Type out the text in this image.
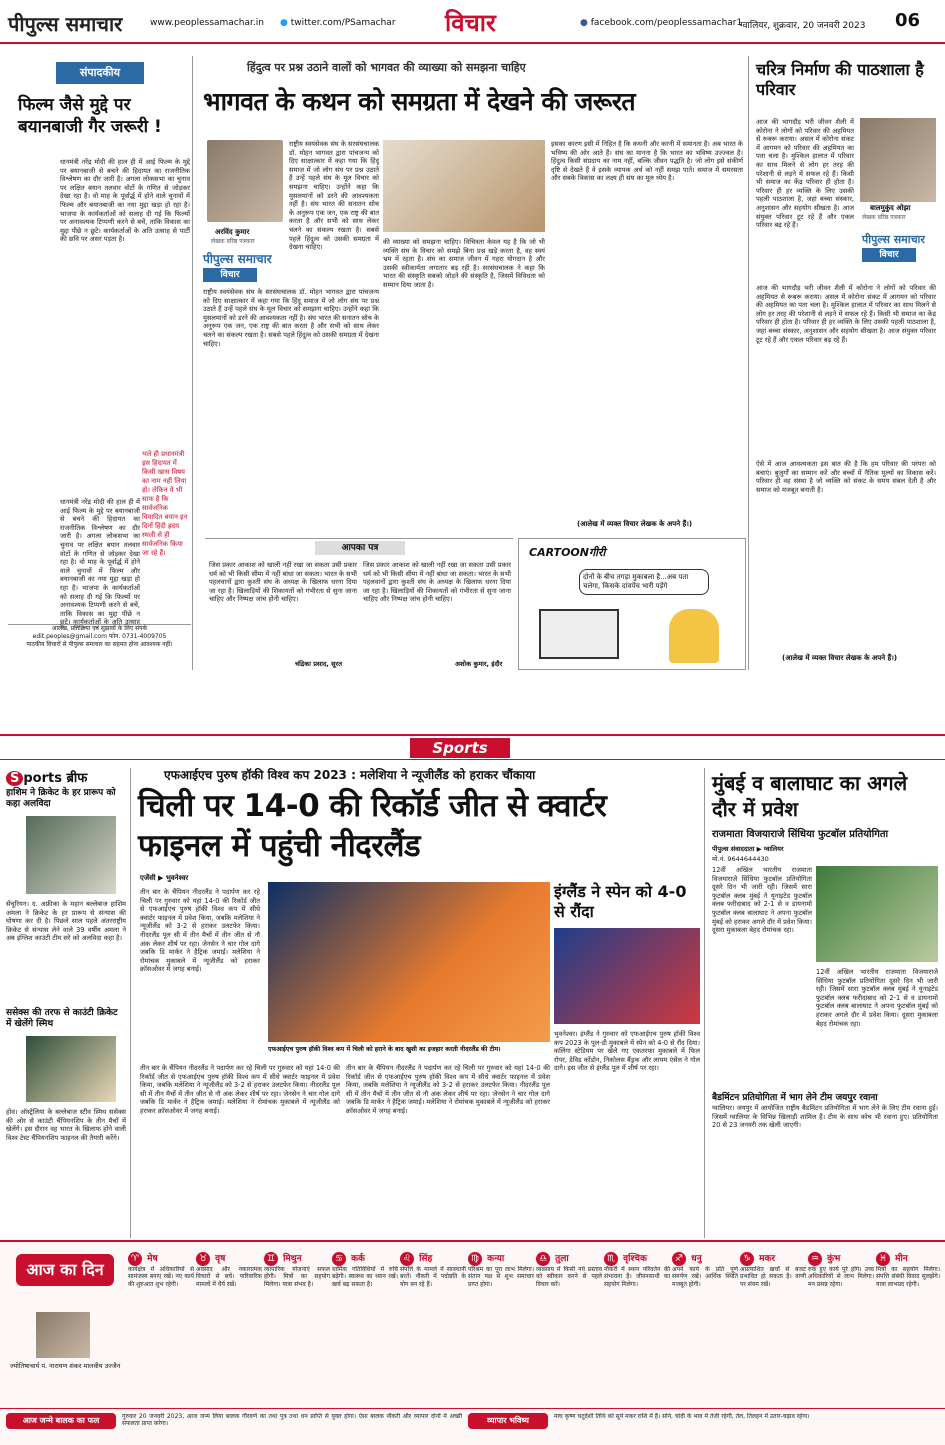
पीपुल्स समाचार	www.peoplessamachar.in ● twitter.com/PSamachar विचार	● facebook.com/peoplessamachar1
ग्वालियर, शुक्रवार, 20 जनवरी 2023 06
संपादकीय
फिल्म जैसे मुद्दे पर बयानबाजी गैर जरूरी !
धानमंत्री नरेंद्र मोदी की हाल ही में आई फिल्म के मुद्दे पर बयानबाजी से बचने की हिदायत का राजनीतिक विश्लेषण का दौर जारी है। अगला लोकसभा का चुनाव पर लक्षित बयान तलवार वोटों के गणित से जोड़कर देखा रहा है। वो माह के पूर्वार्द्ध में होने वाले चुनावों में फिल्म और बयानबाजी का नया मुद्दा खड़ा हो रहा है। भाजपा के कार्यकर्ताओं को सलाह दी गई कि फिल्मों पर अनावश्यक टिप्पणी करने से बचें, ताकि विकास का मुद्दा पीछे न छूटे। कार्यकर्ताओं के अति उत्साह से पार्टी की छवि पर असर पड़ता है।
धानमंत्री नरेंद्र मोदी की हाल ही में आई फिल्म के मुद्दे पर बयानबाजी से बचने की हिदायत का राजनीतिक विश्लेषण का दौर जारी है। अगला लोकसभा का चुनाव पर लक्षित बयान तलवार वोटों के गणित से जोड़कर देखा रहा है। वो माह के पूर्वार्द्ध में होने वाले चुनावों में फिल्म और बयानबाजी का नया मुद्दा खड़ा हो रहा है। भाजपा के कार्यकर्ताओं को सलाह दी गई कि फिल्मों पर अनावश्यक टिप्पणी करने से बचें, ताकि विकास का मुद्दा पीछे न छूटे। कार्यकर्ताओं के अति उत्साह
भले ही प्रधानमंत्री इस हिदायत में किसी खास विषय का नाम नहीं लिया हो। लेकिन ये भी साफ है कि सार्वजनिक विवादित बयान इन दिनों हिंदी ह्रदय स्थली से ही सार्वजनिक किया जा रहे हैं।
आलेख, प्रतिक्रिया एवं सुझावों के लिए संपर्क
edit.peoples@gmail.com फोन. 0731-4009705
पाठकीय विचारों से पीपुल्स समाचार का सहमत होना आवश्यक नहीं।
हिंदुत्व पर प्रश्न उठाने वालों को भागवत की व्याख्या को समझना चाहिए
भागवत के कथन को समग्रता में देखने की जरूरत
अरविंद कुमार
लेखक वरिष्ठ पत्रकार
पीपुल्स समाचार
विचार
राष्ट्रीय स्वयंसेवक संघ के सरसंघचालक डॉ. मोहन भागवत द्वारा पांचजन्य को दिए साक्षात्कार में कहा गया कि हिंदू समाज में जो लोग संघ पर प्रश्न उठाते हैं उन्हें पहले संघ के मूल विचार को समझना चाहिए। उन्होंने कहा कि मुसलमानों को डरने की आवश्यकता नहीं है। संघ भारत की सनातन सोच के अनुरूप एक जन, एक राष्ट्र की बात करता है और सभी को साथ लेकर चलने का संकल्प रखता है। सबसे पहले हिंदुत्व को उसकी समग्रता में देखना चाहिए।
राष्ट्रीय स्वयंसेवक संघ के सरसंघचालक डॉ. मोहन भागवत द्वारा पांचजन्य को दिए साक्षात्कार में कहा गया कि हिंदू समाज में जो लोग संघ पर प्रश्न उठाते हैं उन्हें पहले संघ के मूल विचार को समझना चाहिए। उन्होंने कहा कि मुसलमानों को डरने की आवश्यकता नहीं है। संघ भारत की सनातन सोच के अनुरूप एक जन, एक राष्ट्र की बात करता है और सभी को साथ लेकर चलने का संकल्प रखता है। सबसे पहले हिंदुत्व को उसकी समग्रता में देखना चाहिए।
की व्याख्या को समझना चाहिए। विचित्रता केवल यह है कि जो भी व्यक्ति संघ के विचार को समझे बिना प्रश्न खड़े करता है, वह स्वयं भ्रम में रहता है। संघ का समाज जीवन में गहरा योगदान है और उसकी स्वीकार्यता लगातार बढ़ रही है। सरसंघचालक ने कहा कि भारत की संस्कृति सबको जोड़ने की संस्कृति है, जिसमें विविधता को सम्मान दिया जाता है।
इसका कारण इसी में निहित है कि कथनी और करनी में समानता है। अब भारत के भविष्य की ओर आते हैं। संघ का मानना है कि भारत का भविष्य उज्ज्वल है। हिंदुत्व किसी संप्रदाय का नाम नहीं, बल्कि जीवन पद्धति है। जो लोग इसे संकीर्ण दृष्टि से देखते हैं वे इसके व्यापक अर्थ को नहीं समझ पाते। समाज में समरसता और सबके विकास का लक्ष्य ही संघ का मूल ध्येय है।
(आलेख में व्यक्त विचार लेखक के अपने हैं।)
आपका पत्र
जिस प्रकार आकाश को खाली नहीं रखा जा सकता उसी प्रकार धर्म को भी किसी सीमा में नहीं बांधा जा सकता। भारत के सभी पहलवानों द्वारा कुश्ती संघ के अध्यक्ष के खिलाफ धरना दिया जा रहा है। खिलाड़ियों की शिकायतों को गंभीरता से सुना जाना चाहिए और निष्पक्ष जांच होनी चाहिए।
जिस प्रकार आकाश को खाली नहीं रखा जा सकता उसी प्रकार धर्म को भी किसी सीमा में नहीं बांधा जा सकता। भारत के सभी पहलवानों द्वारा कुश्ती संघ के अध्यक्ष के खिलाफ धरना दिया जा रहा है। खिलाड़ियों की शिकायतों को गंभीरता से सुना जाना चाहिए और निष्पक्ष जांच होनी चाहिए।
चंद्रिका प्रसाद, सूरत	अशोक कुमार, इंदौर
CARTOONगीरी
दोनों के बीच तगड़ा मुकाबला है...अब पता चलेगा, किसके दांवपेंच भारी पड़ेंगे
चरित्र निर्माण की पाठशाला है परिवार
आज की भागदौड़ भरी जीवन शैली में कोरोना ने लोगों को परिवार की अहमियत से रूबरू कराया। असल में कोरोना संकट में आगमन को परिवार की अहमियत का पता चला है। मुश्किल हालात में परिवार का साथ मिलने से लोग हर तरह की परेशानी से लड़ने में सफल रहे हैं। किसी भी समाज का केंद्र परिवार ही होता है। परिवार ही हर व्यक्ति के लिए उसकी पहली पाठशाला है, जहां बच्चा संस्कार, अनुशासन और सहयोग सीखता है। आज संयुक्त परिवार टूट रहे हैं और एकल परिवार बढ़ रहे हैं।
बालमुकुंद ओझा
लेखक वरिष्ठ पत्रकार
पीपुल्स समाचार
विचार
आज की भागदौड़ भरी जीवन शैली में कोरोना ने लोगों को परिवार की अहमियत से रूबरू कराया। असल में कोरोना संकट में आगमन को परिवार की अहमियत का पता चला है। मुश्किल हालात में परिवार का साथ मिलने से लोग हर तरह की परेशानी से लड़ने में सफल रहे हैं। किसी भी समाज का केंद्र परिवार ही होता है। परिवार ही हर व्यक्ति के लिए उसकी पहली पाठशाला है, जहां बच्चा संस्कार, अनुशासन और सहयोग सीखता है। आज संयुक्त परिवार टूट रहे हैं और एकल परिवार बढ़ रहे हैं।
ऐसे में आज आवश्यकता इस बात की है कि हम परिवार की परंपरा को बचाएं। बुजुर्गों का सम्मान करें और बच्चों में नैतिक मूल्यों का विकास करें। परिवार ही वह संस्था है जो व्यक्ति को संकट के समय संबल देती है और समाज को मजबूत बनाती है।
(आलेख में व्यक्त विचार लेखक के अपने हैं।)
Sports
S ports ब्रीफ
हाशिम ने क्रिकेट के हर प्रारूप को कहा अलविदा
सेंचूरियन। द. अफ्रीका के महान बल्लेबाज हाशिम अमला ने क्रिकेट के हर प्रारूप से संन्यास की घोषणा कर दी है। पिछले साल पहले अंतरराष्ट्रीय क्रिकेट से संन्यास लेने वाले 39 वर्षीय अमला ने अब इंग्लिश काउंटी टीम सरे को अलविदा कहा है।
ससेक्स की तरफ से काउंटी क्रिकेट में खेलेंगे स्मिथ
होव। ऑस्ट्रेलिया के बल्लेबाज स्टीव स्मिथ ससेक्स की ओर से काउंटी चैंपियनशिप के तीन मैचों में खेलेंगे। इस दौरान वह भारत के खिलाफ होने वाली विश्व टेस्ट चैंपियनशिप फाइनल की तैयारी करेंगे।
एफआईएच पुरुष हॉकी विश्व कप 2023 : मलेशिया ने न्यूजीलैंड को हराकर चौंकाया
चिली पर 14-0 की रिकॉर्ड जीत से क्वार्टर फाइनल में पहुंची नीदरलैंड
एजेंसी ▶ भुवनेश्वर
तीन बार के चैंपियन नीदरलैंड ने पदार्पण कर रहे चिली पर गुरुवार को यहां 14-0 की रिकॉर्ड जीत से एफआईएच पुरुष हॉकी विश्व कप में सीधे क्वार्टर फाइनल में प्रवेश किया, जबकि मलेशिया ने न्यूजीलैंड को 3-2 से हराकर उलटफेर किया। नीदरलैंड पूल सी में तीन मैचों में तीन जीत से नौ अंक लेकर शीर्ष पर रहा। जेनसेन ने चार गोल दागे जबकि डि मार्कर ने हैट्रिक जमाई। मलेशिया ने रोमांचक मुकाबले में न्यूजीलैंड को हराकर क्रॉसओवर में जगह बनाई।
एफआईएच पुरुष हॉकी विश्व कप में चिली को हराने के बाद खुशी का इजहार करती नीदरलैंड की टीम।
इंग्लैंड ने स्पेन को 4-0 से रौंदा
भुवनेश्वर। इंग्लैंड ने गुरुवार को एफआईएच पुरुष हॉकी विश्व कप 2023 के पूल-डी मुकाबले में स्पेन को 4-0 से रौंद दिया। कलिंगा स्टेडियम पर खेले गए एकतरफा मुकाबले में फिल रोपर, डेविड कोंडोन, निकोलस बैंड्रक और लायम एंसेल ने गोल दागे। इस जीत से इंग्लैंड पूल में शीर्ष पर रहा।
तीन बार के चैंपियन नीदरलैंड ने पदार्पण कर रहे चिली पर गुरुवार को यहां 14-0 की रिकॉर्ड जीत से एफआईएच पुरुष हॉकी विश्व कप में सीधे क्वार्टर फाइनल में प्रवेश किया, जबकि मलेशिया ने न्यूजीलैंड को 3-2 से हराकर उलटफेर किया। नीदरलैंड पूल सी में तीन मैचों में तीन जीत से नौ अंक लेकर शीर्ष पर रहा। जेनसेन ने चार गोल दागे जबकि डि मार्कर ने हैट्रिक जमाई। मलेशिया ने रोमांचक मुकाबले में न्यूजीलैंड को हराकर क्रॉसओवर में जगह बनाई।
तीन बार के चैंपियन नीदरलैंड ने पदार्पण कर रहे चिली पर गुरुवार को यहां 14-0 की रिकॉर्ड जीत से एफआईएच पुरुष हॉकी विश्व कप में सीधे क्वार्टर फाइनल में प्रवेश किया, जबकि मलेशिया ने न्यूजीलैंड को 3-2 से हराकर उलटफेर किया। नीदरलैंड पूल सी में तीन मैचों में तीन जीत से नौ अंक लेकर शीर्ष पर रहा। जेनसेन ने चार गोल दागे जबकि डि मार्कर ने हैट्रिक जमाई। मलेशिया ने रोमांचक मुकाबले में न्यूजीलैंड को हराकर क्रॉसओवर में जगह बनाई।
मुंबई व बालाघाट का अगले दौर में प्रवेश
राजमाता विजयाराजे सिंधिया फुटबॉल प्रतियोगिता
पीपुल्स संवाददाता ▶ ग्वालियर
मो.नं. 9644644430
12वीं अखिल भारतीय राजमाता विजयाराजे सिंधिया फुटबॉल प्रतियोगिता दूसरे दिन भी जारी रही। जिसमें सारा फुटबॉल क्लब मुंबई ने यूनाइटेड फुटबॉल क्लब फरीदाबाद को 2-1 से व डायनामो फुटबॉल क्लब बालाघाट ने अपना फुटबॉल मुंबई को हराकर अगले दौर में प्रवेश किया। दूसरा मुकाबला बेहद रोमांचक रहा।
12वीं अखिल भारतीय राजमाता विजयाराजे सिंधिया फुटबॉल प्रतियोगिता दूसरे दिन भी जारी रही। जिसमें सारा फुटबॉल क्लब मुंबई ने यूनाइटेड फुटबॉल क्लब फरीदाबाद को 2-1 से व डायनामो फुटबॉल क्लब बालाघाट ने अपना फुटबॉल मुंबई को हराकर अगले दौर में प्रवेश किया। दूसरा मुकाबला बेहद रोमांचक रहा।
बैडमिंटन प्रतियोगिता में भाग लेने टीम जयपुर रवाना
ग्वालियर। जयपुर में आयोजित राष्ट्रीय बैडमिंटन प्रतियोगिता में भाग लेने के लिए टीम रवाना हुई। जिसमें ग्वालियर के विभिन्न खिलाड़ी शामिल हैं। टीम के साथ कोच भी रवाना हुए। प्रतियोगिता 20 से 23 जनवरी तक खेली जाएगी।
आज का दिन
ज्योतिषाचार्य पं. नारायण शंकर मालवीय उज्जैन
♈ मेष
कार्यक्षेत्र में अधिकारियों से सामंजस्य बनाए रखें। नए कार्य की शुरुआत शुभ रहेगी।
♉ वृष
अवसाद और नकारात्मक विचारों से बचें। पारिवारिक मामलों में धैर्य रखें।
♊ मिथुन
व्यापारिक योजनाएं सफल होंगी। मित्रों का सहयोग मिलेगा। यात्रा संभव है।
♋ कर्क
धार्मिक गतिविधियों में रुचि बढ़ेगी। स्वास्थ्य का ध्यान रखें। खर्च बढ़ सकता है।
♌ सिंह
संपत्ति के मामले में सावधानी बरतें। नौकरी में पदोन्नति के योग बन रहे हैं।
♍ कन्या
परिश्रम का पूरा लाभ मिलेगा। संतान पक्ष से शुभ समाचार प्राप्त होगा।
♎ तुला
व्यवसाय में किसी नये प्रस्ताव को स्वीकार करने से पहले विचार करें।
♏ वृश्चिक
नौकरी में स्थान परिवर्तन की संभावना है। जीवनसाथी का सहयोग मिलेगा।
♐ धनु
अपने कार्य के प्रति पूर्ण समर्पण रखें। आर्थिक स्थिति मजबूत होगी।
♑ मकर
अप्रत्याशित खर्चों से बजट प्रभावित हो सकता है। वाणी पर संयम रखें।
♒ कुंभ
रुके हुए कार्य पूरे होंगे। उच्च अधिकारियों से लाभ मिलेगा। मन प्रसन्न रहेगा।
♓ मीन
मित्रों का सहयोग मिलेगा। संपत्ति संबंधी विवाद सुलझेंगे। यात्रा लाभप्रद रहेगी।
आज जन्मे बालक का फल	गुरुवार 20 जनवरी 2023, आज जन्म लिया बालक गौरवर्ण का तथा पुत्र तथा धन प्राप्ति से युक्त होगा। ऐसा बालक नौकरी और व्यापार दोनों में अच्छी सफलता प्राप्त करेगा।	व्यापार भविष्य	माघ कृष्ण चतुर्दशी तिथि को सूर्य मकर राशि में हैं। सोने, चांदी के भाव में तेजी रहेगी, तेल, तिलहन में उतार-चढ़ाव रहेगा।
